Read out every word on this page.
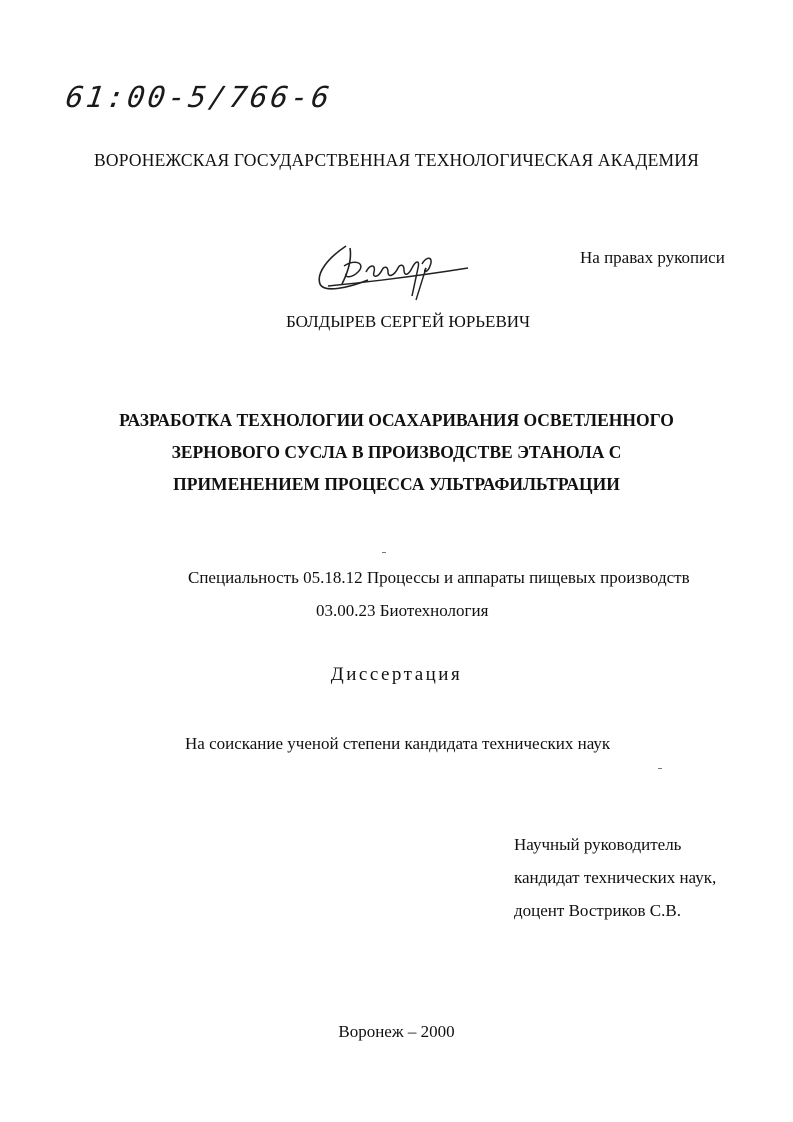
61:00-5/766-6
ВОРОНЕЖСКАЯ ГОСУДАРСТВЕННАЯ ТЕХНОЛОГИЧЕСКАЯ АКАДЕМИЯ
На правах рукописи
БОЛДЫРЕВ СЕРГЕЙ ЮРЬЕВИЧ
РАЗРАБОТКА ТЕХНОЛОГИИ ОСАХАРИВАНИЯ ОСВЕТЛЕННОГО
ЗЕРНОВОГО СУСЛА В ПРОИЗВОДСТВЕ ЭТАНОЛА С
ПРИМЕНЕНИЕМ ПРОЦЕССА УЛЬТРАФИЛЬТРАЦИИ
Специальность 05.18.12 Процессы и аппараты пищевых производств
03.00.23 Биотехнология
Диссертация
На соискание ученой степени кандидата технических наук
Научный руководитель
кандидат технических наук,
доцент Востриков С.В.
Воронеж – 2000
